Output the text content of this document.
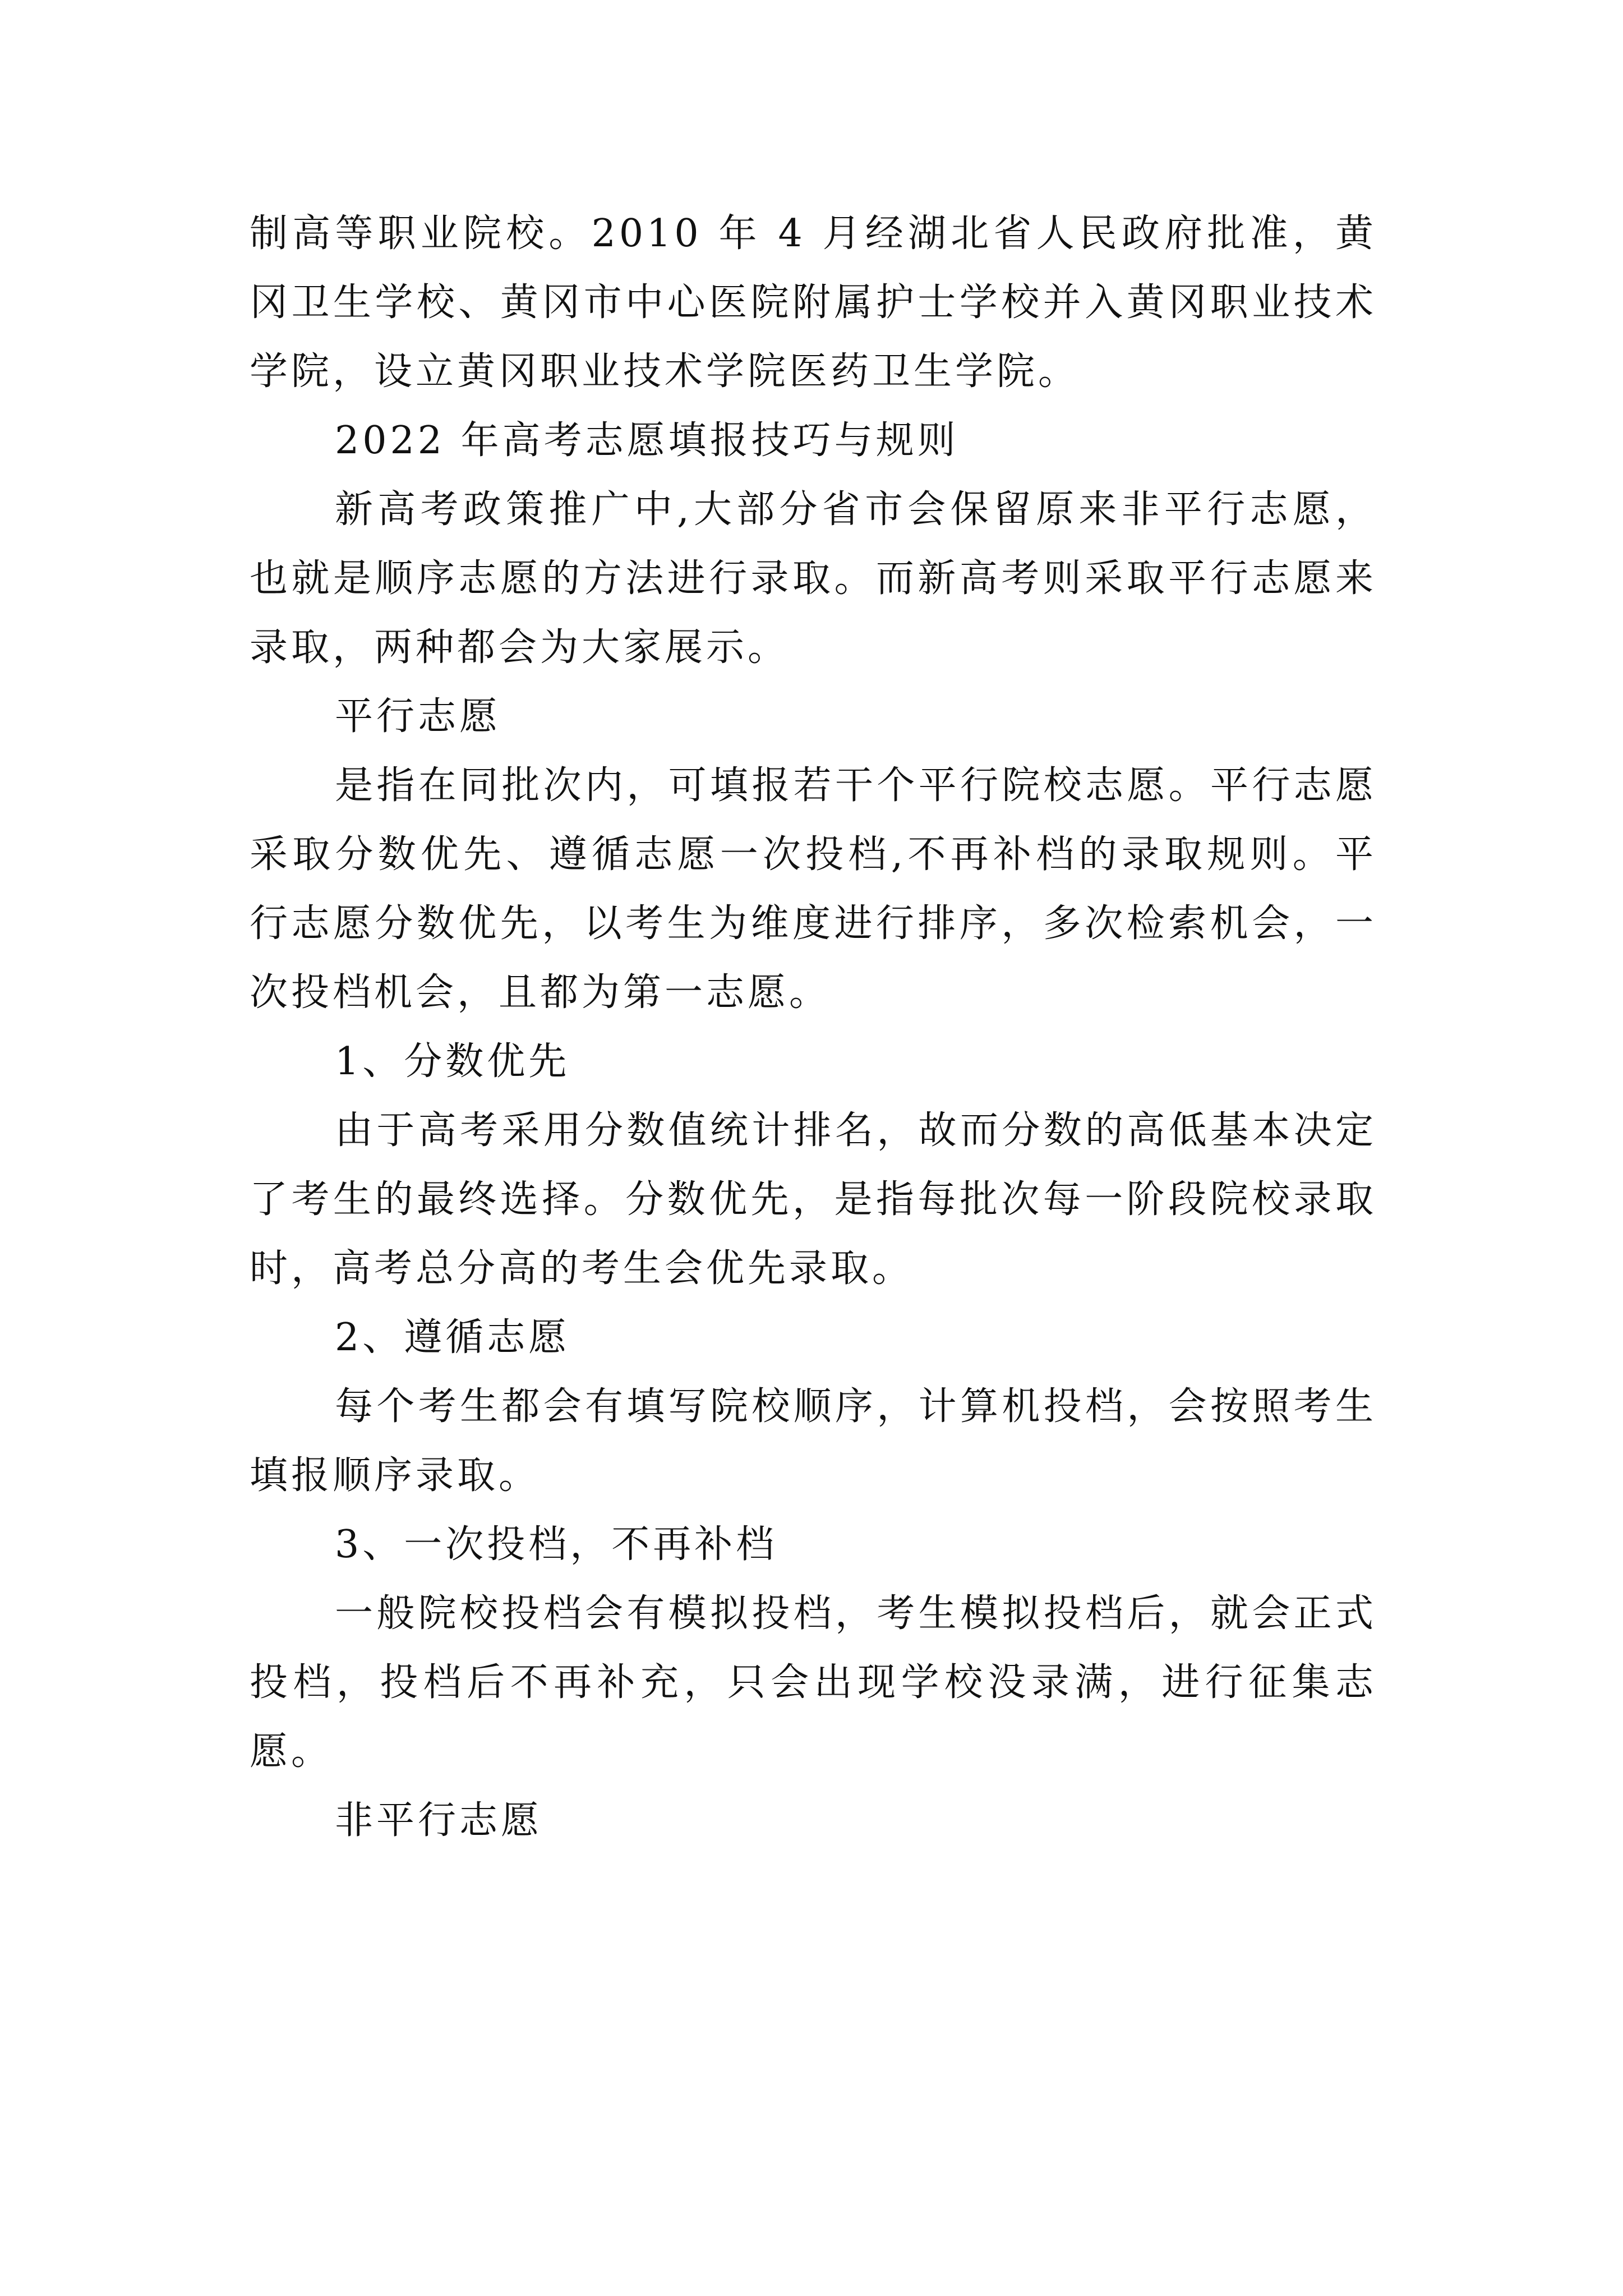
制高等职业院校。2010 年 4 月经湖北省人民政府批准，黄冈卫生学校、黄冈市中心医院附属护士学校并入黄冈职业技术学院，设立黄冈职业技术学院医药卫生学院。

2022 年高考志愿填报技巧与规则

新高考政策推广中,大部分省市会保留原来非平行志愿，也就是顺序志愿的方法进行录取。而新高考则采取平行志愿来录取，两种都会为大家展示。

平行志愿

是指在同批次内，可填报若干个平行院校志愿。平行志愿采取分数优先、遵循志愿一次投档,不再补档的录取规则。平行志愿分数优先，以考生为维度进行排序，多次检索机会，一次投档机会，且都为第一志愿。

1、分数优先

由于高考采用分数值统计排名，故而分数的高低基本决定了考生的最终选择。分数优先，是指每批次每一阶段院校录取时，高考总分高的考生会优先录取。

2、遵循志愿

每个考生都会有填写院校顺序，计算机投档，会按照考生填报顺序录取。

3、一次投档，不再补档

一般院校投档会有模拟投档，考生模拟投档后，就会正式投档，投档后不再补充，只会出现学校没录满，进行征集志愿。

非平行志愿
